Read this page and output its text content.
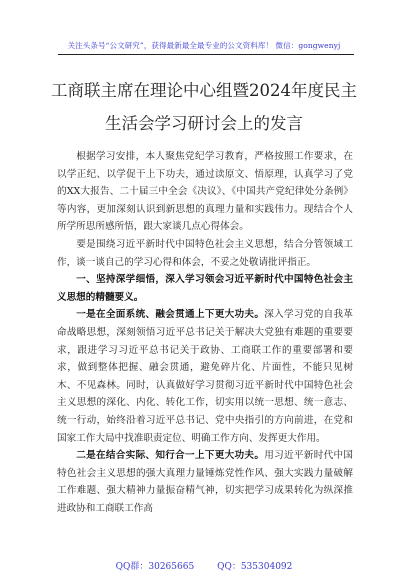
关注头条号“公文研究”，获得最新最全最专业的公文资料库！ 微信：gongwenyj
工商联主席在理论中心组暨2024年度民主
生活会学习研讨会上的发言

根据学习安排，本人聚焦党纪学习教育，严格按照工作要求，在以学正纪、以学促干上下功夫，通过读原文、悟原理，认真学习了党的XX大报告、二十届三中全会《决议》、《中国共产党纪律处分条例》等内容，更加深刻认识到新思想的真理力量和实践伟力。现结合个人所学所思所感所悟，跟大家谈几点心得体会。

要是围绕习近平新时代中国特色社会主义思想，结合分管领域工作，谈一谈自己的学习心得和体会，不妥之处敬请批评指正。

一、坚持深学细悟，深入学习领会习近平新时代中国特色社会主义思想的精髓要义。

一是在全面系统、融会贯通上下更大功夫。深入学习党的自我革命战略思想，深刻领悟习近平总书记关于解决大党独有难题的重要要求，跟进学习习近平总书记关于政协、工商联工作的重要部署和要求，做到整体把握、融会贯通，避免碎片化、片面性，不能只见树木、不见森林。同时，认真做好学习贯彻习近平新时代中国特色社会主义思想的深化、内化、转化工作，切实用以统一思想、统一意志、统一行动，始终沿着习近平总书记、党中央指引的方向前进，在党和国家工作大局中找准职责定位、明确工作方向、发挥更大作用。

二是在结合实际、知行合一上下更大功夫。用习近平新时代中国特色社会主义思想的强大真理力量锤炼党性作风、强大实践力量破解工作难题、强大精神力量振奋精气神，切实把学习成果转化为纵深推进政协和工商联工作高

QQ群：30265665	QQ：535304092
